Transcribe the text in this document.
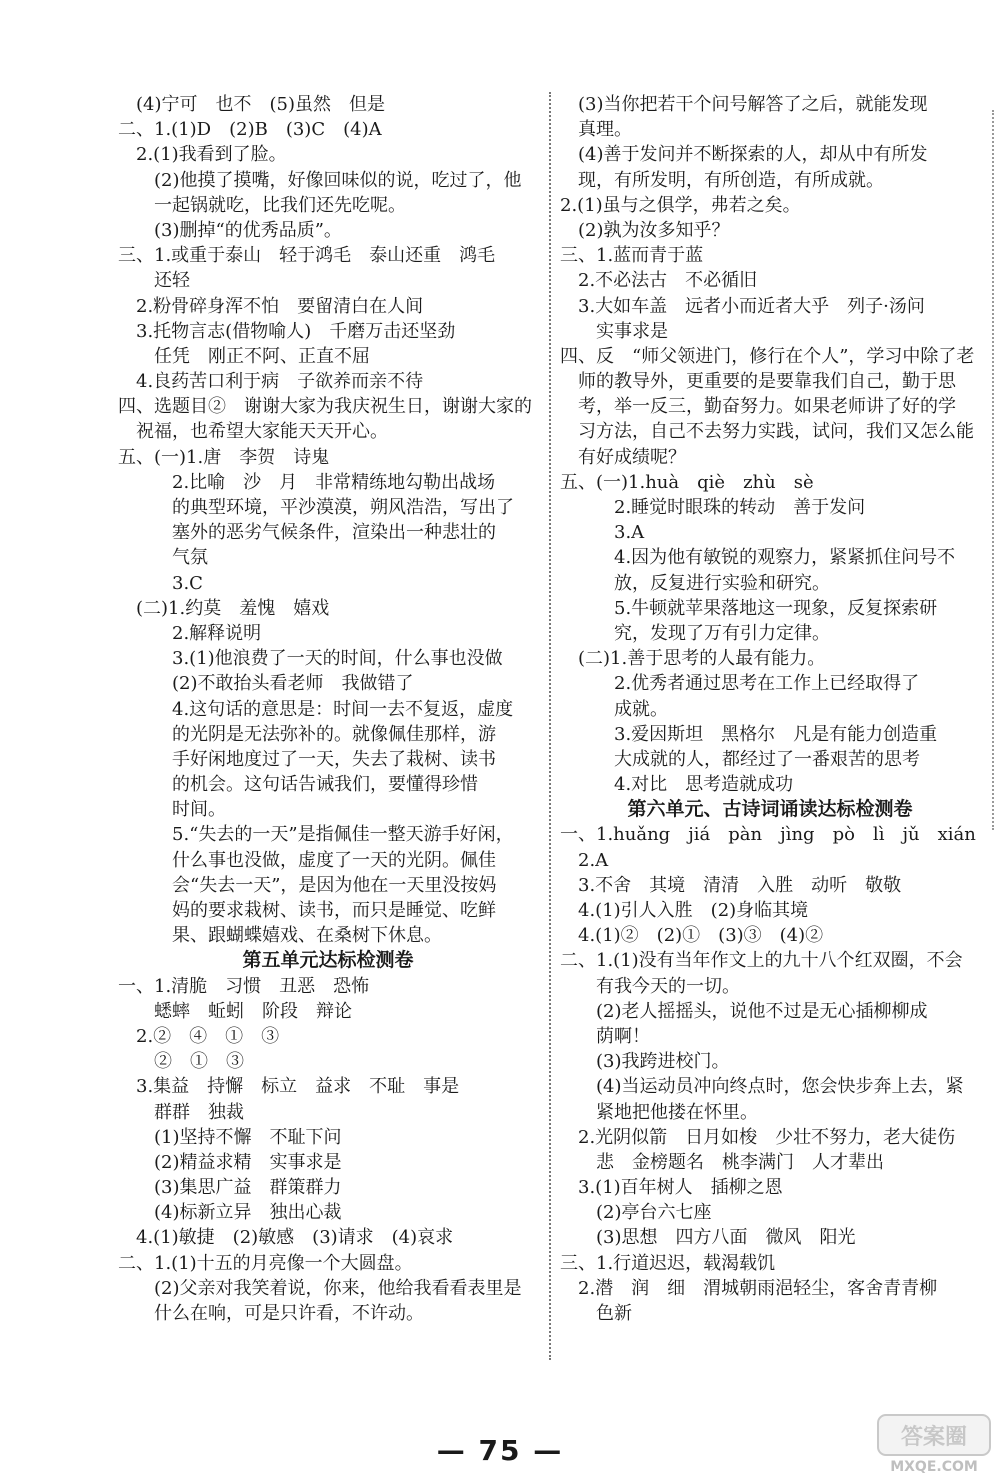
　(4)宁可　也不　(5)虽然　但是
二、1.(1)D　(2)B　(3)C　(4)A
　2.(1)我看到了脸。
　　(2)他摸了摸嘴，好像回味似的说，吃过了，他
　　一起锅就吃，比我们还先吃呢。
　　(3)删掉“的优秀品质”。
三、1.或重于泰山　轻于鸿毛　泰山还重　鸿毛
　　还轻
　2.粉骨碎身浑不怕　要留清白在人间
　3.托物言志(借物喻人)　千磨万击还坚劲
　　任凭　刚正不阿、正直不屈
　4.良药苦口利于病　子欲养而亲不待
四、选题目②　谢谢大家为我庆祝生日，谢谢大家的
　祝福，也希望大家能天天开心。
五、(一)1.唐　李贺　诗鬼
　　　2.比喻　沙　月　非常精练地勾勒出战场
　　　的典型环境，平沙漠漠，朔风浩浩，写出了
　　　塞外的恶劣气候条件，渲染出一种悲壮的
　　　气氛
　　　3.C
　(二)1.约莫　羞愧　嬉戏
　　　2.解释说明
　　　3.(1)他浪费了一天的时间，什么事也没做
　　　(2)不敢抬头看老师　我做错了
　　　4.这句话的意思是：时间一去不复返，虚度
　　　的光阴是无法弥补的。就像佩佳那样，游
　　　手好闲地度过了一天，失去了栽树、读书
　　　的机会。这句话告诫我们，要懂得珍惜
　　　时间。
　　　5.“失去的一天”是指佩佳一整天游手好闲，
　　　什么事也没做，虚度了一天的光阴。佩佳
　　　会“失去一天”，是因为他在一天里没按妈
　　　妈的要求栽树、读书，而只是睡觉、吃鲜
　　　果、跟蝴蝶嬉戏、在桑树下休息。
第五单元达标检测卷
一、1.清脆　习惯　丑恶　恐怖
　　蟋蟀　蚯蚓　阶段　辩论
　2.②　④　①　③
　　②　①　③
　3.集益　持懈　标立　益求　不耻　事是
　　群群　独裁
　　(1)坚持不懈　不耻下问
　　(2)精益求精　实事求是
　　(3)集思广益　群策群力
　　(4)标新立异　独出心裁
　4.(1)敏捷　(2)敏感　(3)请求　(4)哀求
二、1.(1)十五的月亮像一个大圆盘。
　　(2)父亲对我笑着说，你来，他给我看看表里是
　　什么在响，可是只许看，不许动。
　(3)当你把若干个问号解答了之后，就能发现
　真理。
　(4)善于发问并不断探索的人，却从中有所发
　现，有所发明，有所创造，有所成就。
2.(1)虽与之俱学，弗若之矣。
　(2)孰为汝多知乎？
三、1.蓝而青于蓝
　2.不必法古　不必循旧
　3.大如车盖　远者小而近者大乎　列子·汤问
　　实事求是
四、反　“师父领进门，修行在个人”，学习中除了老
　师的教导外，更重要的是要靠我们自己，勤于思
　考，举一反三，勤奋努力。如果老师讲了好的学
　习方法，自己不去努力实践，试问，我们又怎么能
　有好成绩呢？
五、(一)1.huà　qiè　zhù　sè
　　　2.睡觉时眼珠的转动　善于发问
　　　3.A
　　　4.因为他有敏锐的观察力，紧紧抓住问号不
　　　放，反复进行实验和研究。
　　　5.牛顿就苹果落地这一现象，反复探索研
　　　究，发现了万有引力定律。
　(二)1.善于思考的人最有能力。
　　　2.优秀者通过思考在工作上已经取得了
　　　成就。
　　　3.爱因斯坦　黑格尔　凡是有能力创造重
　　　大成就的人，都经过了一番艰苦的思考
　　　4.对比　思考造就成功
第六单元、古诗词诵读达标检测卷
一、1.huǎng　jiá　pàn　jìng　pò　lì　jǔ　xián
　2.A
　3.不舍　其境　清清　入胜　动听　敬敬
　4.(1)引人入胜　(2)身临其境
　4.(1)②　(2)①　(3)③　(4)②
二、1.(1)没有当年作文上的九十八个红双圈，不会
　　有我今天的一切。
　　(2)老人摇摇头，说他不过是无心插柳柳成
　　荫啊！
　　(3)我跨进校门。
　　(4)当运动员冲向终点时，您会快步奔上去，紧
　　紧地把他搂在怀里。
　2.光阴似箭　日月如梭　少壮不努力，老大徒伤
　　悲　金榜题名　桃李满门　人才辈出
　3.(1)百年树人　插柳之恩
　　(2)亭台六七座
　　(3)思想　四方八面　微风　阳光
三、1.行道迟迟，载渴载饥
　2.潜　润　细　渭城朝雨浥轻尘，客舍青青柳
　　色新
— 75 —	答案圈
MXQE.COM
